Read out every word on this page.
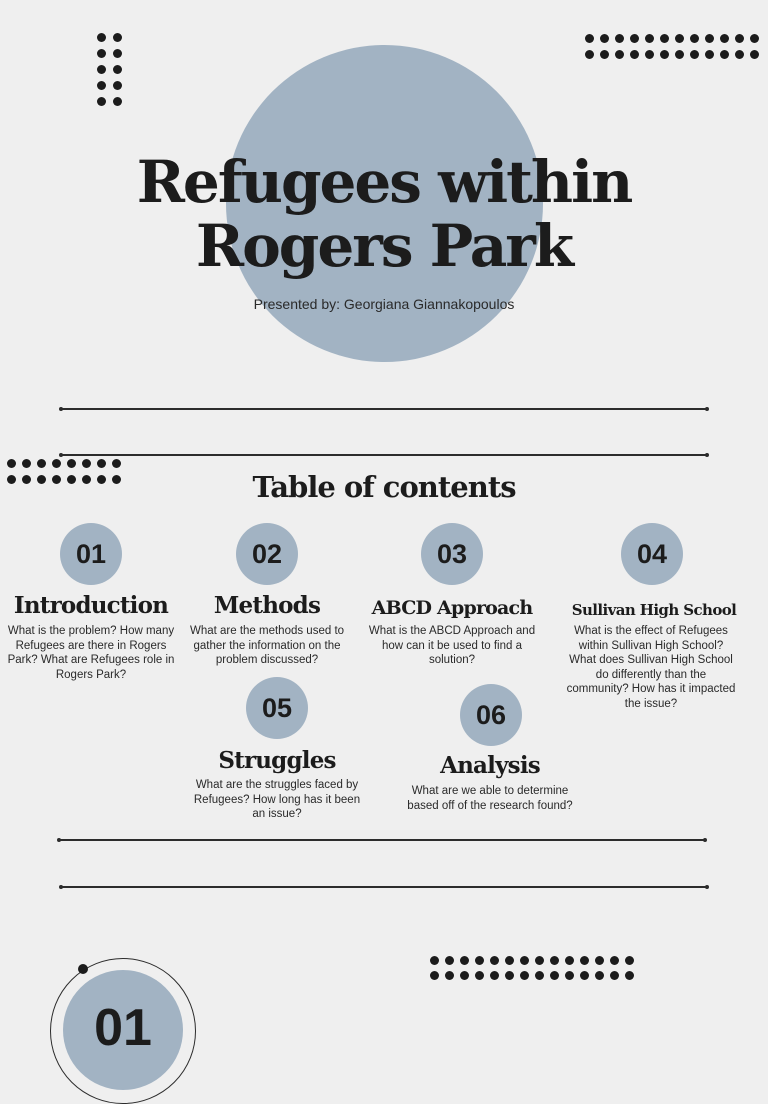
Refugees within
Rogers Park
Presented by: Georgiana Giannakopoulos
Table of contents
01
Introduction
What is the problem? How many Refugees are there in Rogers Park? What are Refugees role in Rogers Park?
02
Methods
What are the methods used to gather the information on the problem discussed?
03
ABCD Approach
What is the ABCD Approach and how can it be used to find a solution?
04
Sullivan High School
What is the effect of Refugees within Sullivan High School? What does Sullivan High School do differently than the community? How has it impacted the issue?
05
Struggles
What are the struggles faced by Refugees? How long has it been an issue?
06
Analysis
What are we able to determine based off of the research found?
01
